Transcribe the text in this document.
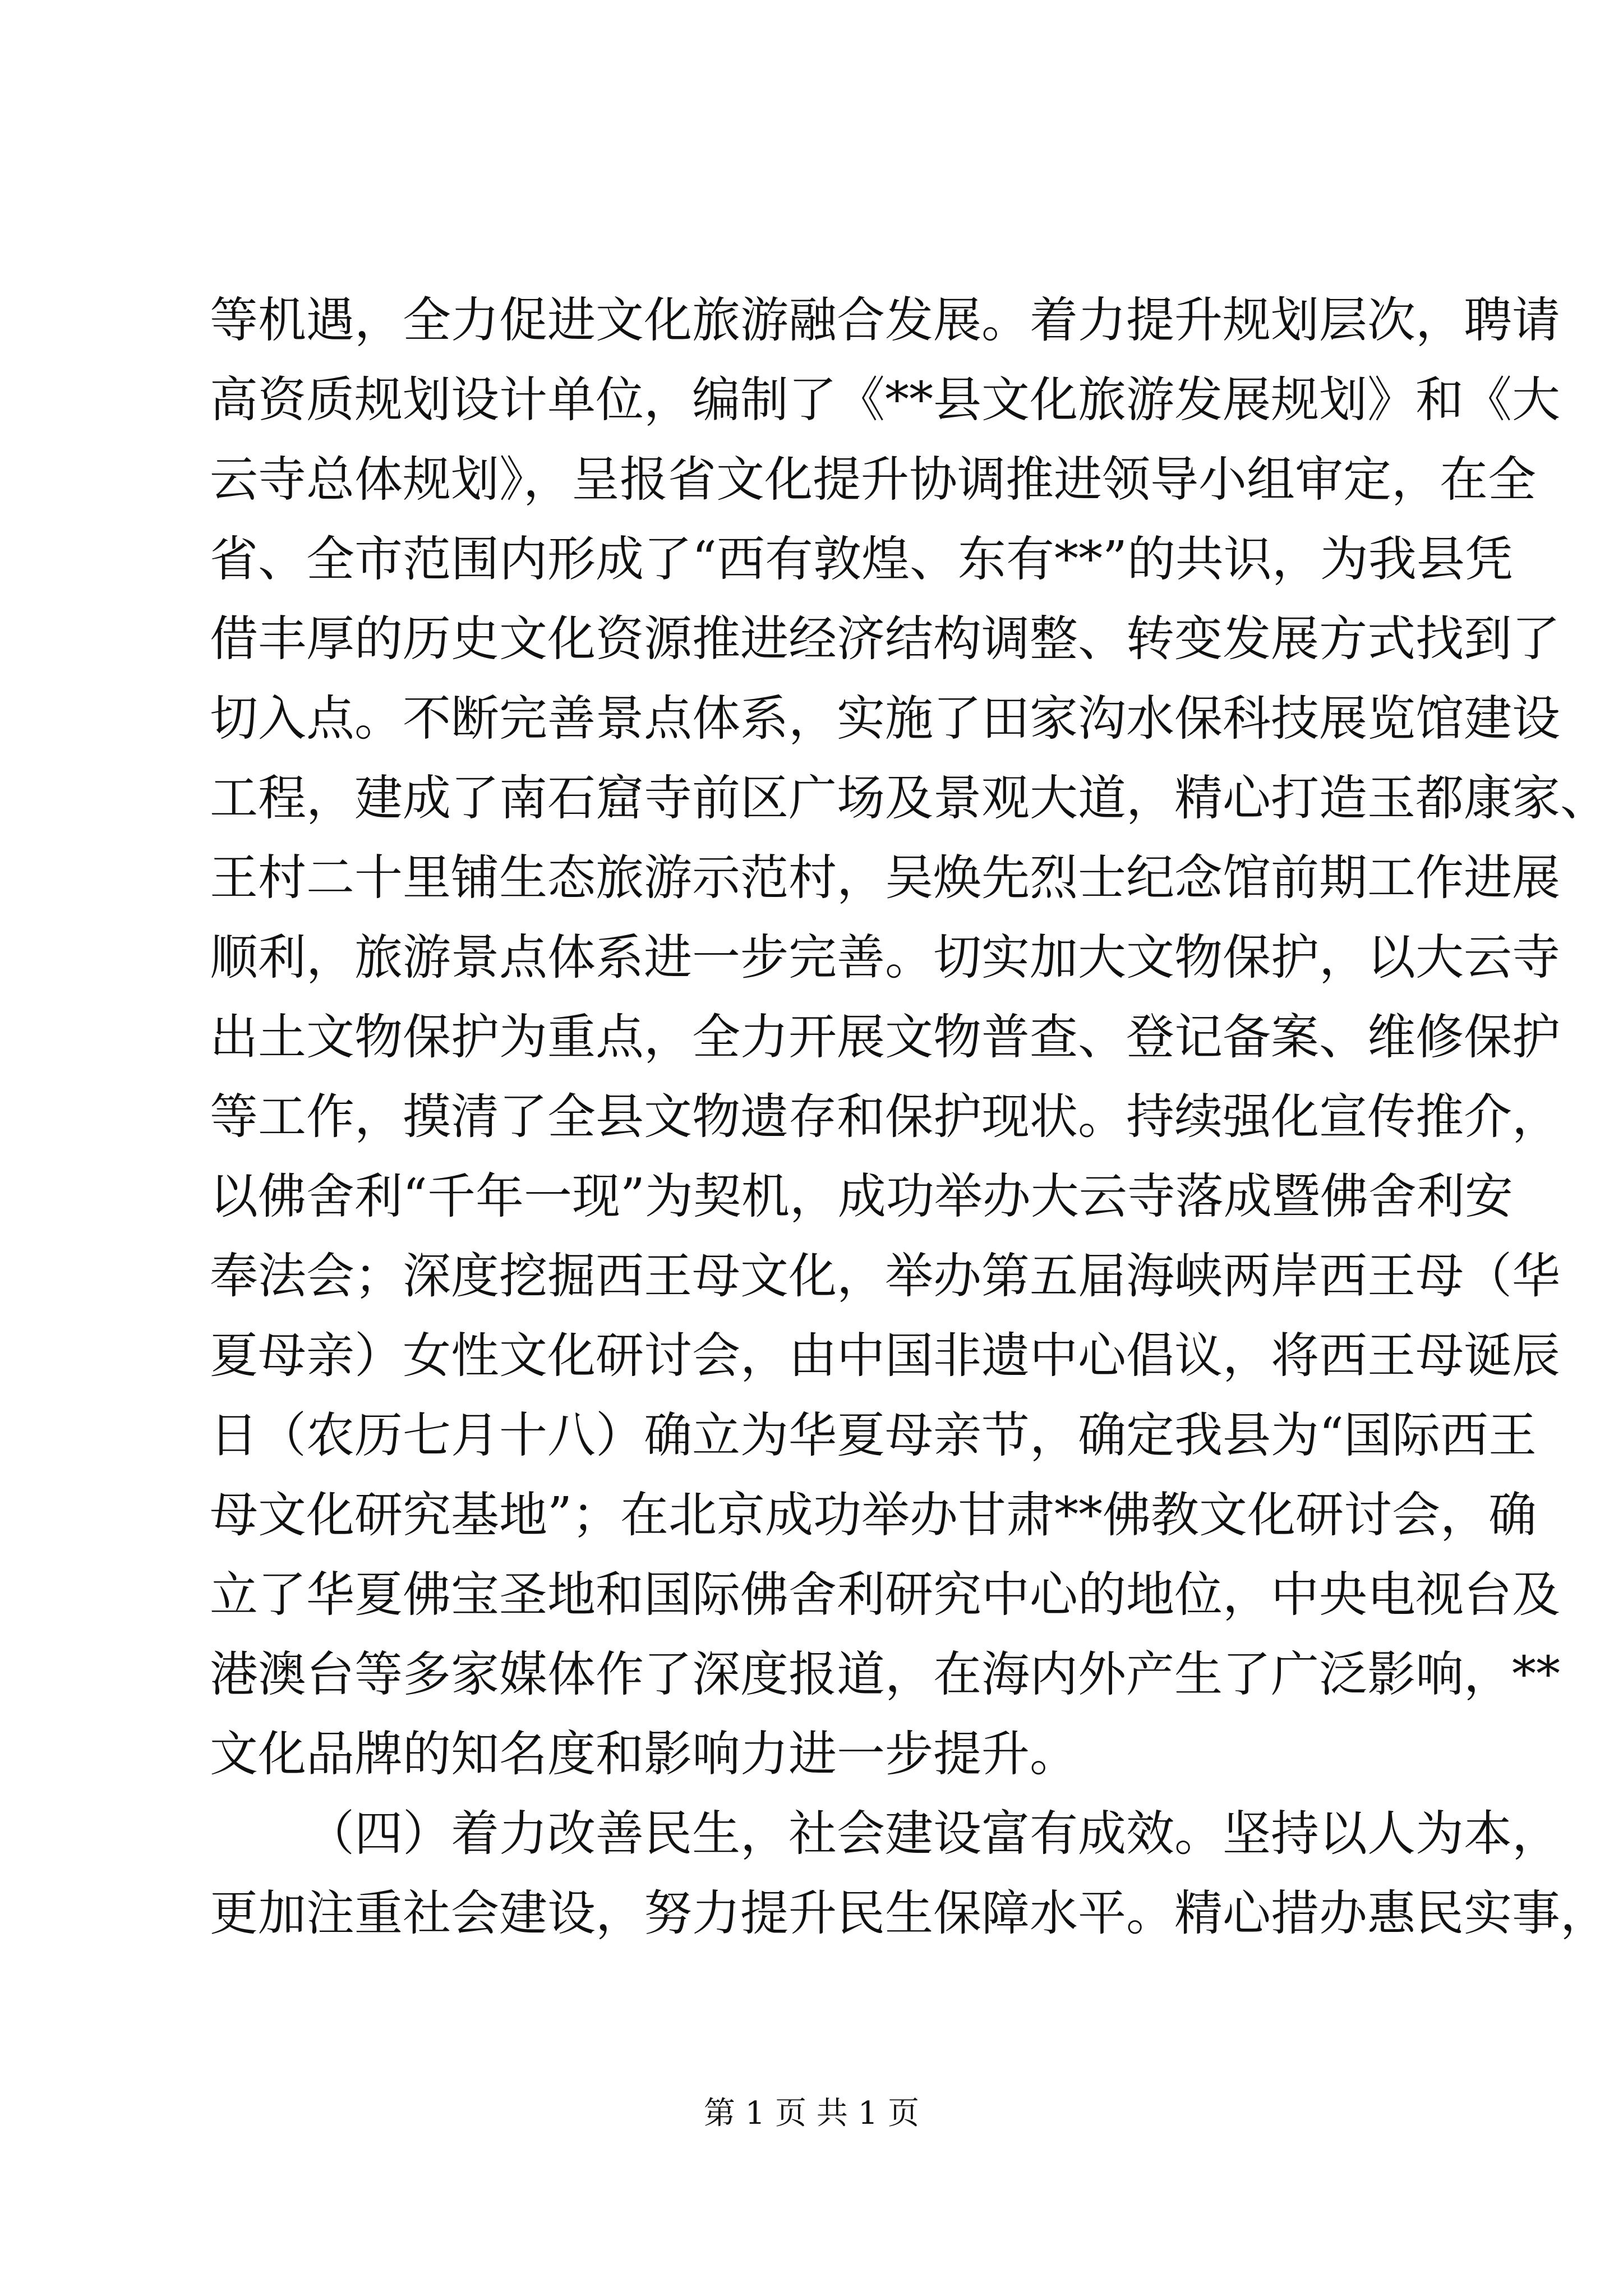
等机遇，全力促进文化旅游融合发展。着力提升规划层次，聘请
高资质规划设计单位，编制了《**县文化旅游发展规划》和《大
云寺总体规划》，呈报省文化提升协调推进领导小组审定，在全
省、全市范围内形成了“西有敦煌、东有**”的共识，为我县凭
借丰厚的历史文化资源推进经济结构调整、转变发展方式找到了
切入点。不断完善景点体系，实施了田家沟水保科技展览馆建设
工程，建成了南石窟寺前区广场及景观大道，精心打造玉都康家、
王村二十里铺生态旅游示范村，吴焕先烈士纪念馆前期工作进展
顺利，旅游景点体系进一步完善。切实加大文物保护，以大云寺
出土文物保护为重点，全力开展文物普查、登记备案、维修保护
等工作，摸清了全县文物遗存和保护现状。持续强化宣传推介，
以佛舍利“千年一现”为契机，成功举办大云寺落成暨佛舍利安
奉法会；深度挖掘西王母文化，举办第五届海峡两岸西王母（华
夏母亲）女性文化研讨会，由中国非遗中心倡议，将西王母诞辰
日（农历七月十八）确立为华夏母亲节，确定我县为“国际西王
母文化研究基地”；在北京成功举办甘肃**佛教文化研讨会，确
立了华夏佛宝圣地和国际佛舍利研究中心的地位，中央电视台及
港澳台等多家媒体作了深度报道，在海内外产生了广泛影响，**
文化品牌的知名度和影响力进一步提升。
（四）着力改善民生，社会建设富有成效。坚持以人为本，
更加注重社会建设，努力提升民生保障水平。精心措办惠民实事，
第 1 页 共 1 页
